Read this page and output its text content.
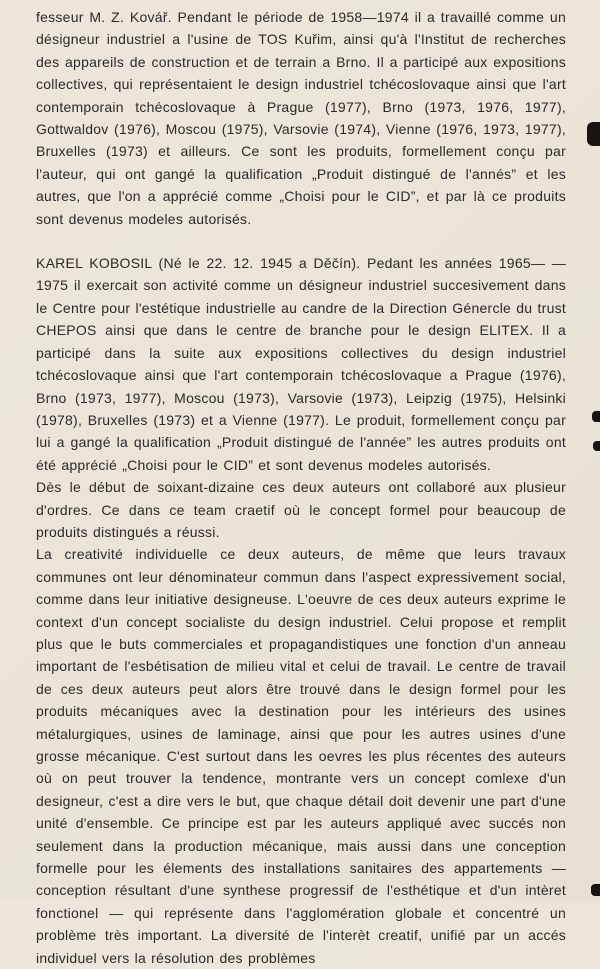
fesseur M. Z. Kovář. Pendant le période de 1958—1974 il a travaillé comme un désigneur industriel a l'usine de TOS Kuřim, ainsi qu'à l'Institut de recherches des appareils de construction et de terrain a Brno. Il a participé aux expositions collectives, qui représentaient le design industriel tchécoslovaque ainsi que l'art contemporain tchécoslovaque à Prague (1977), Brno (1973, 1976, 1977), Gottwaldov (1976), Moscou (1975), Varsovie (1974), Vienne (1976, 1973, 1977), Bruxelles (1973) et ailleurs. Ce sont les produits, formellement conçu par l'auteur, qui ont gangé la qualification „Produit distingué de l'annés” et les autres, que l'on a apprécié comme „Choisi pour le CID”, et par là ce produits sont devenus modeles autorisés.

KAREL KOBOSIL (Né le 22. 12. 1945 a Děčín). Pedant les années 1965— —1975 il exercait son activité comme un désigneur industriel succesivement dans le Centre pour l'estétique industrielle au candre de la Direction Génercle du trust CHEPOS ainsi que dans le centre de branche pour le design ELITEX. Il a participé dans la suite aux expositions collectives du design industriel tchécoslovaque ainsi que l'art contemporain tchécoslovaque a Prague (1976), Brno (1973, 1977), Moscou (1973), Varsovie (1973), Leipzig (1975), Helsinki (1978), Bruxelles (1973) et a Vienne (1977). Le produit, formellement conçu par lui a gangé la qualification „Produit distingué de l'année” les autres produits ont été apprécié „Choisi pour le CID” et sont devenus modeles autorisés.

Dès le début de soixant-dizaine ces deux auteurs ont collaboré aux plusieur d'ordres. Ce dans ce team craetif où le concept formel pour beaucoup de produits distingués a réussi.

La creativité individuelle ce deux auteurs, de même que leurs travaux communes ont leur dénominateur commun dans l'aspect expressivement social, comme dans leur initiative designeuse. L'oeuvre de ces deux auteurs exprime le context d'un concept socialiste du design industriel. Celui propose et remplit plus que le buts commerciales et propagandistiques une fonction d'un anneau important de l'esbétisation de milieu vital et celui de travail. Le centre de travail de ces deux auteurs peut alors être trouvé dans le design formel pour les produits mécaniques avec la destination pour les intérieurs des usines métalurgiques, usines de laminage, ainsi que pour les autres usines d'une grosse mécanique. C'est surtout dans les oevres les plus récentes des auteurs où on peut trouver la tendence, montrante vers un concept comlexe d'un designeur, c'est a dire vers le but, que chaque détail doit devenir une part d'une unité d'ensemble. Ce principe est par les auteurs appliqué avec succés non seulement dans la production mécanique, mais aussi dans une conception formelle pour les élements des installations sanitaires des appartements — conception résultant d'une synthese progressif de l'esthétique et d'un intèret fonctionel — qui représente dans l'agglomération globale et concentré un problème très important. La diversité de l'interèt creatif, unifié par un accés individuel vers la résolution des problèmes
